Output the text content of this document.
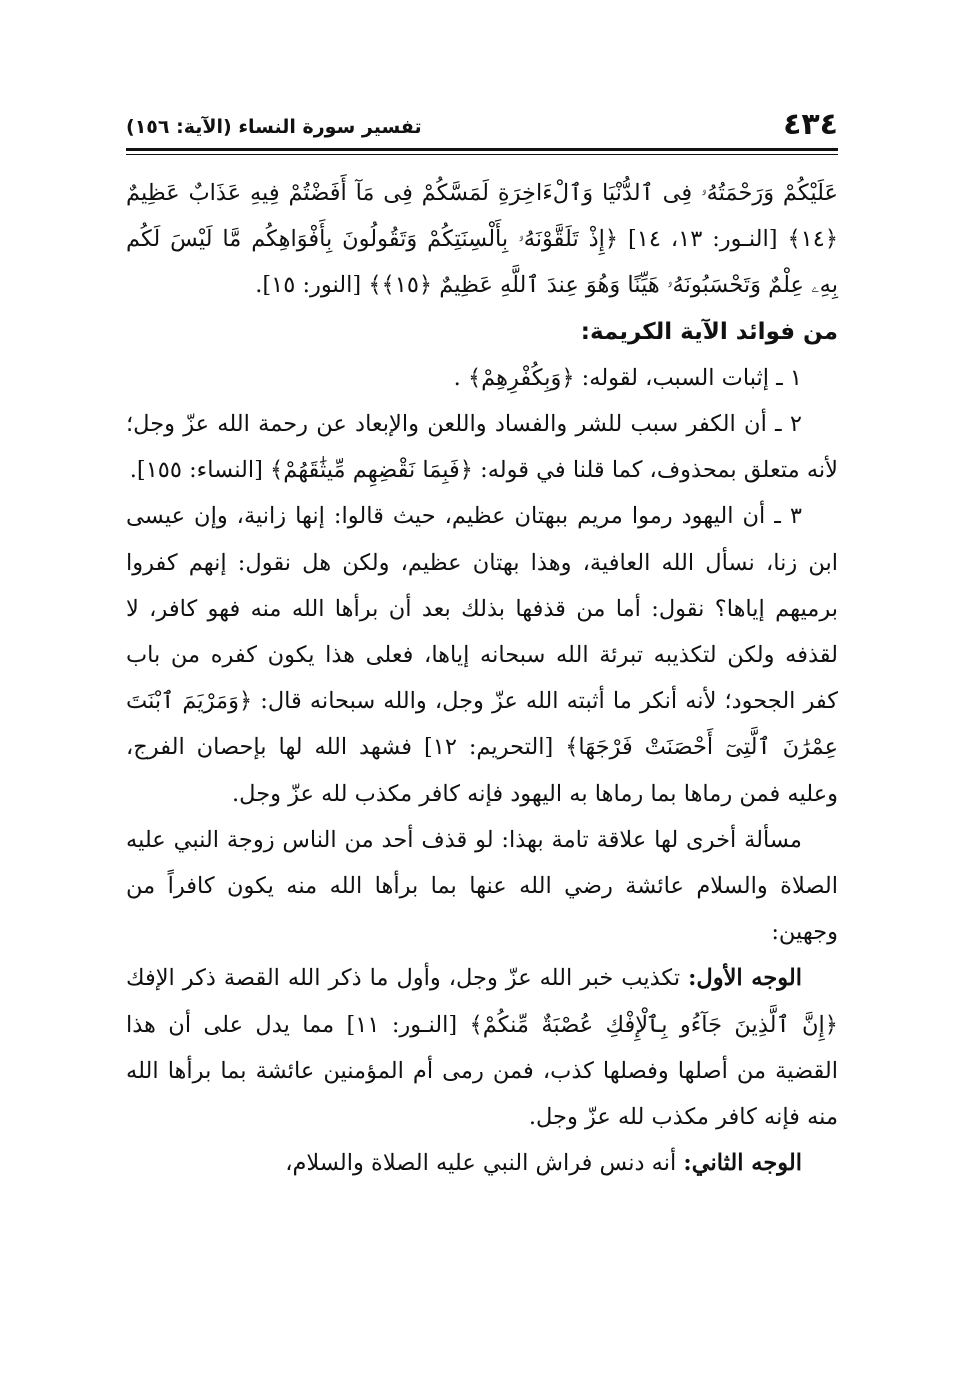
٤٣٤
تفسير سورة النساء (الآية: ١٥٦)

عَلَيْكُمْ وَرَحْمَتُهُۥ فِى ٱلدُّنْيَا وَٱلْءَاخِرَةِ لَمَسَّكُمْ فِى مَآ أَفَضْتُمْ فِيهِ عَذَابٌ عَظِيمٌ ﴿١٤﴾ [النـور: ١٣، ١٤] ﴿إِذْ تَلَقَّوْنَهُۥ بِأَلْسِنَتِكُمْ وَتَقُولُونَ بِأَفْوَاهِكُم مَّا لَيْسَ لَكُم بِهِۦ عِلْمٌ وَتَحْسَبُونَهُۥ هَيِّنًا وَهُوَ عِندَ ٱللَّهِ عَظِيمٌ ﴿١٥﴾﴾ [النور: ١٥].

من فوائد الآية الكريمة:

١ ـ إثبات السبب، لقوله: ﴿وَبِكُفْرِهِمْ﴾ .

٢ ـ أن الكفر سبب للشر والفساد واللعن والإبعاد عن رحمة الله عزّ وجل؛ لأنه متعلق بمحذوف، كما قلنا في قوله: ﴿فَبِمَا نَقْضِهِم مِّيثَٰقَهُمْ﴾ [النساء: ١٥٥].

٣ ـ أن اليهود رموا مريم ببهتان عظيم، حيث قالوا: إنها زانية، وإن عيسى ابن زنا، نسأل الله العافية، وهذا بهتان عظيم، ولكن هل نقول: إنهم كفروا برميهم إياها؟ نقول: أما من قذفها بذلك بعد أن برأها الله منه فهو كافر، لا لقذفه ولكن لتكذيبه تبرئة الله سبحانه إياها، فعلى هذا يكون كفره من باب كفر الجحود؛ لأنه أنكر ما أثبته الله عزّ وجل، والله سبحانه قال: ﴿وَمَرْيَمَ ٱبْنَتَ عِمْرَٰنَ ٱلَّتِىٓ أَحْصَنَتْ فَرْجَهَا﴾ [التحريم: ١٢] فشهد الله لها بإحصان الفرج، وعليه فمن رماها بما رماها به اليهود فإنه كافر مكذب لله عزّ وجل.

مسألة أخرى لها علاقة تامة بهذا: لو قذف أحد من الناس زوجة النبي عليه الصلاة والسلام عائشة رضي الله عنها بما برأها الله منه يكون كافراً من وجهين:

الوجه الأول: تكذيب خبر الله عزّ وجل، وأول ما ذكر الله القصة ذكر الإفك ﴿إِنَّ ٱلَّذِينَ جَآءُو بِٱلْإِفْكِ عُصْبَةٌ مِّنكُمْ﴾ [النـور: ١١] مما يدل على أن هذا القضية من أصلها وفصلها كذب، فمن رمى أم المؤمنين عائشة بما برأها الله منه فإنه كافر مكذب لله عزّ وجل.

الوجه الثاني: أنه دنس فراش النبي عليه الصلاة والسلام،
